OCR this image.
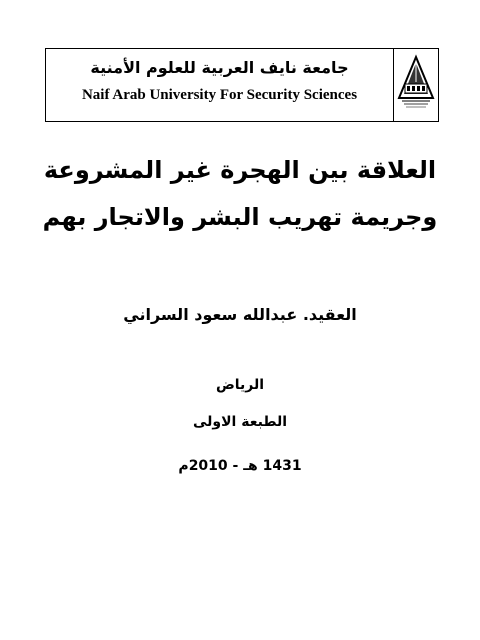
جامعة نايف العربية للعلوم الأمنية
Naif Arab University For Security Sciences
العلاقة بين الهجرة غير المشروعة
وجريمة تهريب البشر والاتجار بهم
العقيد. عبدالله سعود السراني
الرياض
الطبعة الاولى
1431 هـ - 2010م
